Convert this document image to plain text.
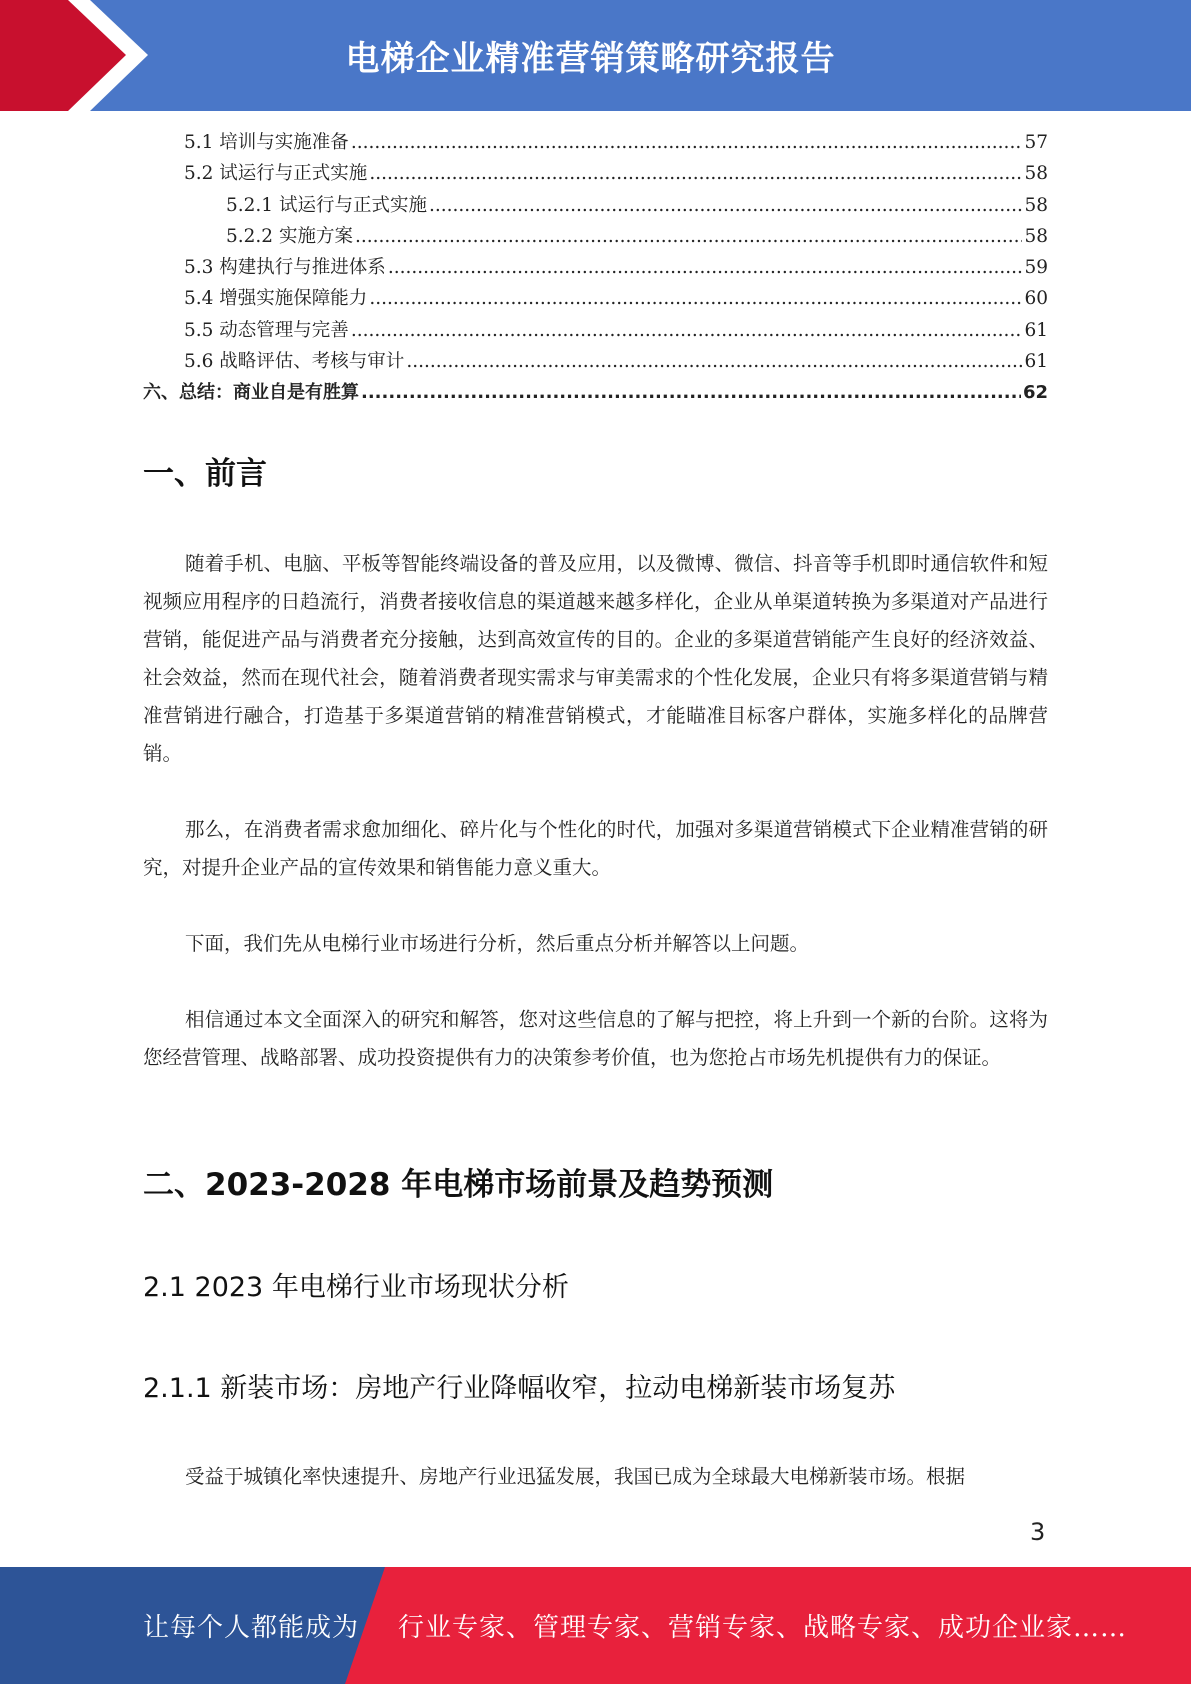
电梯企业精准营销策略研究报告
5.1 培训与实施准备 .....	57
5.2 试运行与正式实施 .....	58
5.2.1 试运行与正式实施 .....	58
5.2.2 实施方案 .....	58
5.3 构建执行与推进体系 .....	59
5.4 增强实施保障能力 .....	60
5.5 动态管理与完善 .....	61
5.6 战略评估、考核与审计 .....	61
六、总结：商业自是有胜算 .....	62
一、前言

随着手机、电脑、平板等智能终端设备的普及应用，以及微博、微信、抖音等手机即时通信软件和短视频应用程序的日趋流行，消费者接收信息的渠道越来越多样化，企业从单渠道转换为多渠道对产品进行营销，能促进产品与消费者充分接触，达到高效宣传的目的。企业的多渠道营销能产生良好的经济效益、社会效益，然而在现代社会，随着消费者现实需求与审美需求的个性化发展，企业只有将多渠道营销与精准营销进行融合，打造基于多渠道营销的精准营销模式，才能瞄准目标客户群体，实施多样化的品牌营销。

那么，在消费者需求愈加细化、碎片化与个性化的时代，加强对多渠道营销模式下企业精准营销的研究，对提升企业产品的宣传效果和销售能力意义重大。

下面，我们先从电梯行业市场进行分析，然后重点分析并解答以上问题。

相信通过本文全面深入的研究和解答，您对这些信息的了解与把控，将上升到一个新的台阶。这将为您经营管理、战略部署、成功投资提供有力的决策参考价值，也为您抢占市场先机提供有力的保证。

二、2023-2028 年电梯市场前景及趋势预测
2.1 2023 年电梯行业市场现状分析
2.1.1 新装市场：房地产行业降幅收窄，拉动电梯新装市场复苏

受益于城镇化率快速提升、房地产行业迅猛发展，我国已成为全球最大电梯新装市场。根据

3
让每个人都能成为 行业专家、管理专家、营销专家、战略专家、成功企业家……
